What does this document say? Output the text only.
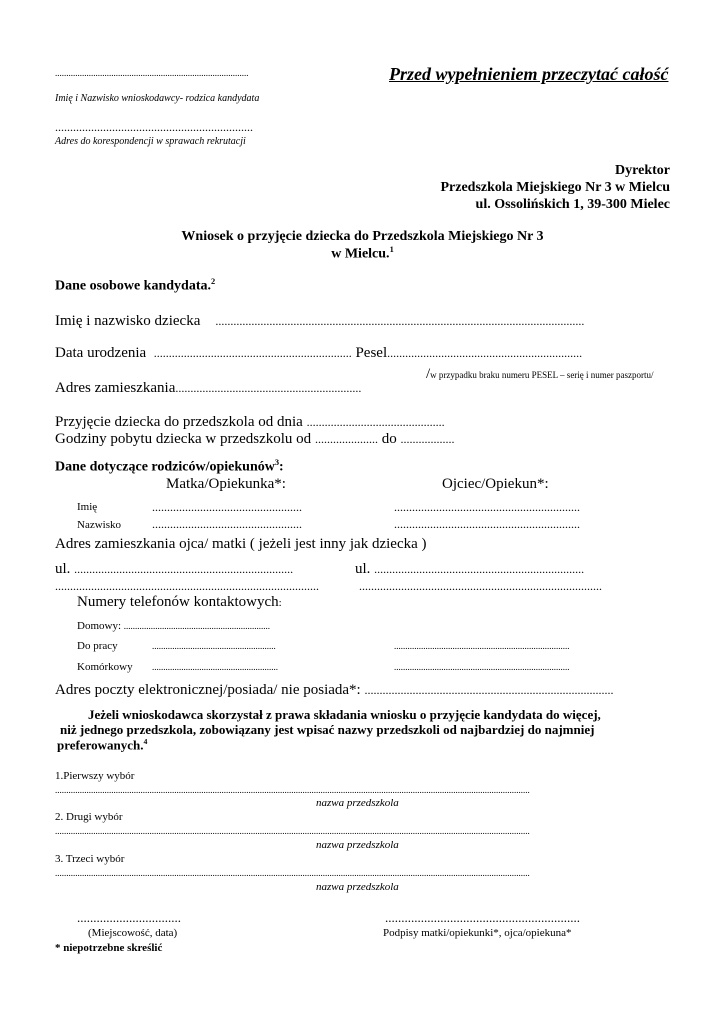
......................................................................................
Imię i Nazwisko wnioskodawcy- rodzica kandydata
Przed wypełnieniem przeczytać całość
..................................................................
Adres do korespondencji w sprawach rekrutacji
Dyrektor
Przedszkola Miejskiego Nr 3 w Mielcu
ul. Ossolińskich 1, 39-300 Mielec
Wniosek o przyjęcie dziecka do Przedszkola Miejskiego Nr 3
w Mielcu.$^1$
Dane osobowe kandydata.$^2$
Imię i nazwisko dziecka ...........................................................................................................................
Data urodzenia .................................................................. Pesel.................................................................
/w przypadku braku numeru PESEL – serię i numer paszportu/
Adres zamieszkania..............................................................
Przyjęcie dziecka do przedszkola od dnia ..............................................
Godziny pobytu dziecka w przedszkolu od ..................... do ..................
Dane dotyczące rodziców/opiekunów$^3$:
Matka/Opiekunka*:	Ojciec/Opiekun*:
Imię	..................................................	..............................................................
Nazwisko	..................................................	..............................................................
Adres zamieszkania ojca/ matki ( jeżeli jest inny jak dziecka )
ul. .........................................................................	ul. ......................................................................
........................................................................................	.................................................................................
Numery telefonów kontaktowych:
Domowy: .................................................................
Do pracy	.......................................................	..............................................................................
Komórkowy ........................................................	..............................................................................
Adres poczty elektronicznej/posiada/ nie posiada*: ...................................................................................
Jeżeli wnioskodawca skorzystał z prawa składania wniosku o przyjęcie kandydata do więcej,
niż jednego przedszkola, zobowiązany jest wpisać nazwy przedszkoli od najbardziej do najmniej
preferowanych.$^4$
1.Pierwszy wybór
...................................................................................................................................................................................................................
nazwa przedszkola
2. Drugi wybór
...................................................................................................................................................................................................................
nazwa przedszkola
3. Trzeci wybór
...................................................................................................................................................................................................................
nazwa przedszkola
................................
(Miejscowość, data)
............................................................
Podpisy matki/opiekunki*, ojca/opiekuna*
* niepotrzebne skreślić
